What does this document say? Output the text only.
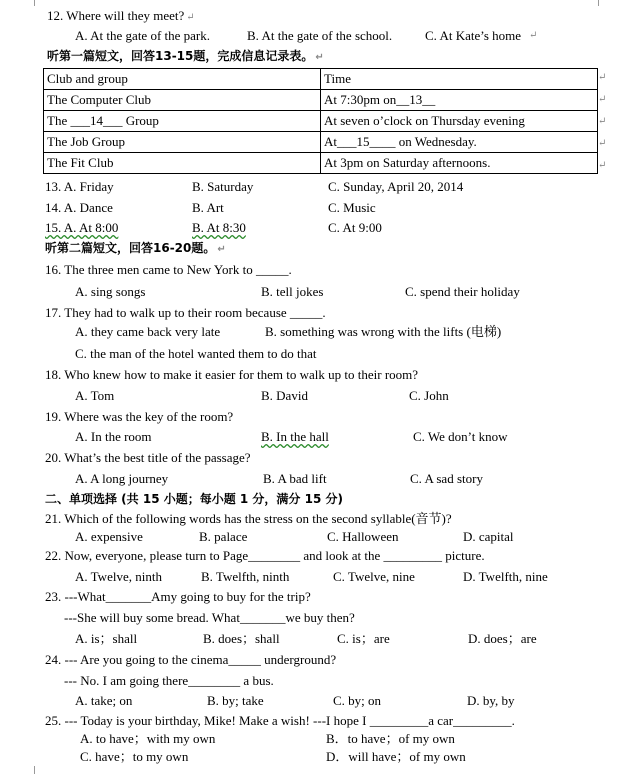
12. Where will they meet? ↵
A. At the gate of the park.	B. At the gate of the school.	C. At Kate’s home ↵
听第一篇短文，回答13-15题，完成信息记录表。 ↵
Club and group	Time
The Computer Club	At 7:30pm on__13__
The ___14___ Group	At seven o’clock on Thursday evening
The Job Group	At___15____ on Wednesday.
The Fit Club	At 3pm on Saturday afternoons.
↵
↵
↵
↵
↵
13. A. Friday	B. Saturday	C. Sunday, April 20, 2014
14. A. Dance	B. Art	C. Music
15. A. At 8:00	B. At 8:30	C. At 9:00
听第二篇短文，回答16-20题。 ↵
16. The three men came to New York to _____.
A. sing songs	B. tell jokes	C. spend their holiday
17. They had to walk up to their room because _____.
A. they came back very late	B. something was wrong with the lifts (电梯)
C. the man of the hotel wanted them to do that
18. Who knew how to make it easier for them to walk up to their room?
A. Tom	B. David	C. John
19. Where was the key of the room?
A. In the room	B. In the hall	C. We don’t know
20. What’s the best title of the passage?
A. A long journey	B. A bad lift	C. A sad story
二、单项选择 (共 15 小题；每小题 1 分，满分 15 分)
21. Which of the following words has the stress on the second syllable(音节)?
A. expensive	B. palace	C. Halloween	D. capital
22. Now, everyone, please turn to Page________ and look at the _________ picture.
A. Twelve, ninth	B. Twelfth, ninth	C. Twelve, nine	D. Twelfth, nine
23. ---What_______Amy going to buy for the trip?
---She will buy some bread. What_______we buy then?
A. is；shall	B. does；shall	C. is；are	D. does；are
24. --- Are you going to the cinema_____ underground?
--- No. I am going there________ a bus.
A. take; on	B. by; take	C. by; on	D. by, by
25. --- Today is your birthday, Mike! Make a wish! ---I hope I _________a car_________.
A. to have；with my own	B．to have；of my own
C. have；to my own	D．will have；of my own
